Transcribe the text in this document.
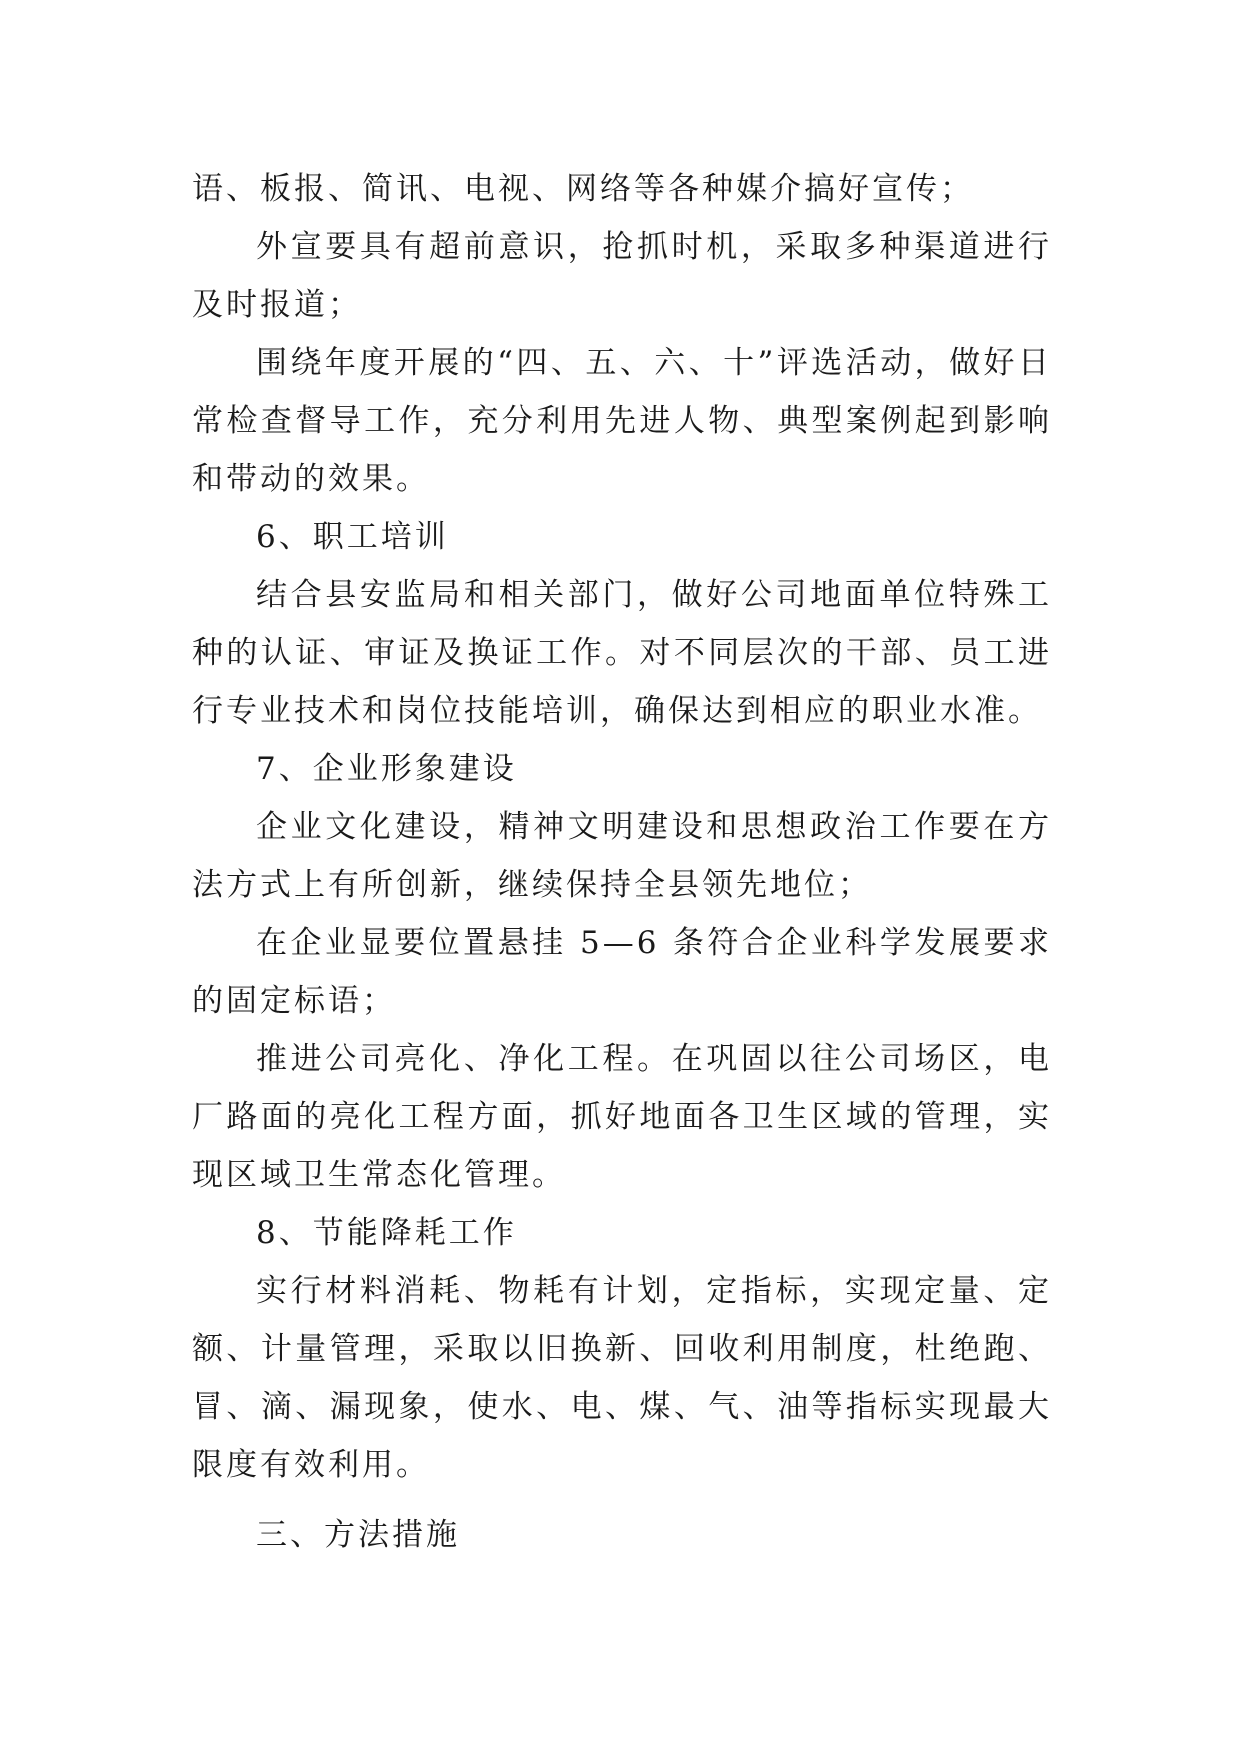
语、板报、简讯、电视、网络等各种媒介搞好宣传；

外宣要具有超前意识，抢抓时机，采取多种渠道进行及时报道；

围绕年度开展的“四、五、六、十”评选活动，做好日常检查督导工作，充分利用先进人物、典型案例起到影响和带动的效果。

6、职工培训

结合县安监局和相关部门，做好公司地面单位特殊工种的认证、审证及换证工作。对不同层次的干部、员工进行专业技术和岗位技能培训，确保达到相应的职业水准。

7、企业形象建设

企业文化建设，精神文明建设和思想政治工作要在方法方式上有所创新，继续保持全县领先地位；

在企业显要位置悬挂 5—6 条符合企业科学发展要求的固定标语；

推进公司亮化、净化工程。在巩固以往公司场区，电厂路面的亮化工程方面，抓好地面各卫生区域的管理，实现区域卫生常态化管理。

8、节能降耗工作

实行材料消耗、物耗有计划，定指标，实现定量、定额、计量管理，采取以旧换新、回收利用制度，杜绝跑、冒、滴、漏现象，使水、电、煤、气、油等指标实现最大限度有效利用。

三、方法措施
